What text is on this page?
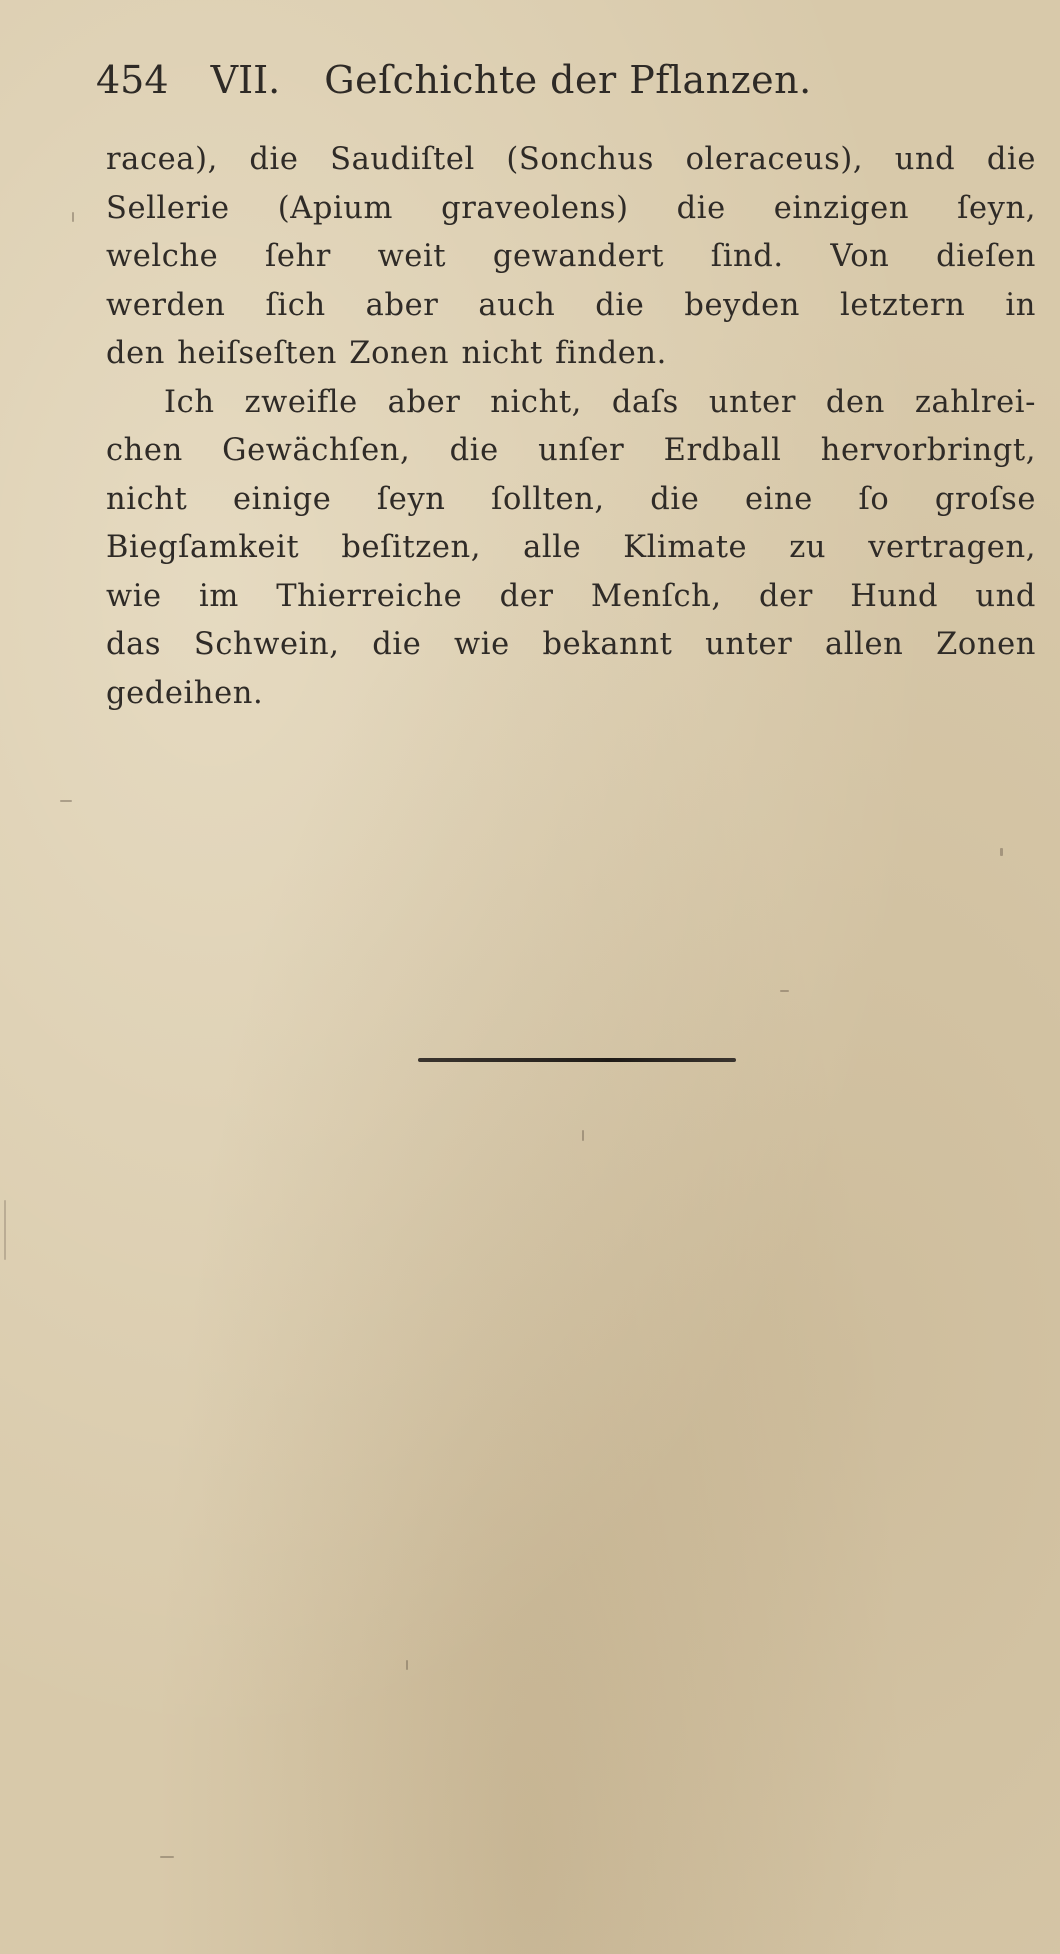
454 VII. Geſchichte der Pflanzen.
racea), die Saudiſtel (Sonchus oleraceus), und die
Sellerie (Apium graveolens) die einzigen ſeyn,
welche ſehr weit gewandert ſind. Von dieſen
werden ſich aber auch die beyden letztern in
den heiſseſten Zonen nicht finden.
Ich zweifle aber nicht, daſs unter den zahlrei-
chen Gewächſen, die unſer Erdball hervorbringt,
nicht einige ſeyn ſollten, die eine ſo groſse
Biegſamkeit beſitzen, alle Klimate zu vertragen,
wie im Thierreiche der Menſch, der Hund und
das Schwein, die wie bekannt unter allen Zonen
gedeihen.
